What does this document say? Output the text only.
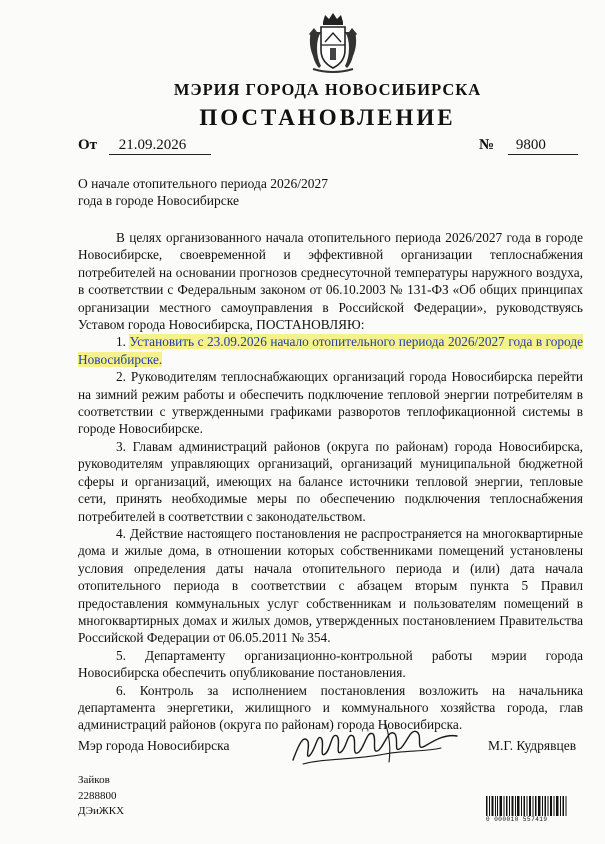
МЭРИЯ ГОРОДА НОВОСИБИРСКА
ПОСТАНОВЛЕНИЕ
От 21.09.2026	№ 9800
О начале отопительного периода 2026/2027 года в городе Новосибирске

В целях организованного начала отопительного периода 2026/2027 года в городе Новосибирске, своевременной и эффективной организации теплоснабжения потребителей на основании прогнозов среднесуточной температуры наружного воздуха, в соответствии с Федеральным законом от 06.10.2003 № 131-ФЗ «Об общих принципах организации местного самоуправления в Российской Федерации», руководствуясь Уставом города Новосибирска, ПОСТАНОВЛЯЮ:

1. Установить с 23.09.2026 начало отопительного периода 2026/2027 года в городе Новосибирске.

2. Руководителям теплоснабжающих организаций города Новосибирска перейти на зимний режим работы и обеспечить подключение тепловой энергии потребителям в соответствии с утвержденными графиками разворотов теплофикационной системы в городе Новосибирске.

3. Главам администраций районов (округа по районам) города Новосибирска, руководителям управляющих организаций, организаций муниципальной бюджетной сферы и организаций, имеющих на балансе источники тепловой энергии, тепловые сети, принять необходимые меры по обеспечению подключения теплоснабжения потребителей в соответствии с законодательством.

4. Действие настоящего постановления не распространяется на многоквартирные дома и жилые дома, в отношении которых собственниками помещений установлены условия определения даты начала отопительного периода и (или) дата начала отопительного периода в соответствии с абзацем вторым пункта 5 Правил предоставления коммунальных услуг собственникам и пользователям помещений в многоквартирных домах и жилых домов, утвержденных постановлением Правительства Российской Федерации от 06.05.2011 № 354.

5. Департаменту организационно-контрольной работы мэрии города Новосибирска обеспечить опубликование постановления.

6. Контроль за исполнением постановления возложить на начальника департамента энергетики, жилищного и коммунального хозяйства города, глав администраций районов (округа по районам) города Новосибирска.

Мэр города Новосибирска	М.Г. Кудрявцев
Зайков
2288800
ДЭиЖКХ
0 000010 557419
